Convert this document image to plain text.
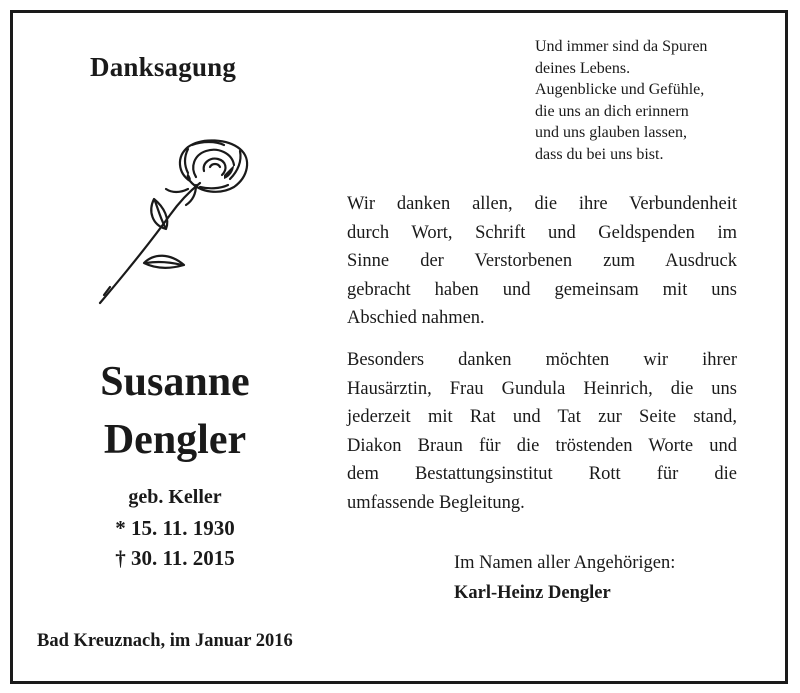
Danksagung
Und immer sind da Spuren
deines Lebens.
Augenblicke und Gefühle,
die uns an dich erinnern
und uns glauben lassen,
dass du bei uns bist.
Susanne
Dengler
geb. Keller
* 15. 11. 1930
† 30. 11. 2015
Bad Kreuznach, im Januar 2016
Wir danken allen, die ihre Verbundenheit
durch Wort, Schrift und Geldspenden im
Sinne der Verstorbenen zum Ausdruck
gebracht haben und gemeinsam mit uns
Abschied nahmen.
Besonders danken möchten wir ihrer
Hausärztin, Frau Gundula Heinrich, die uns
jederzeit mit Rat und Tat zur Seite stand,
Diakon Braun für die tröstenden Worte und
dem Bestattungsinstitut Rott für die
umfassende Begleitung.
Im Namen aller Angehörigen:
Karl-Heinz Dengler
